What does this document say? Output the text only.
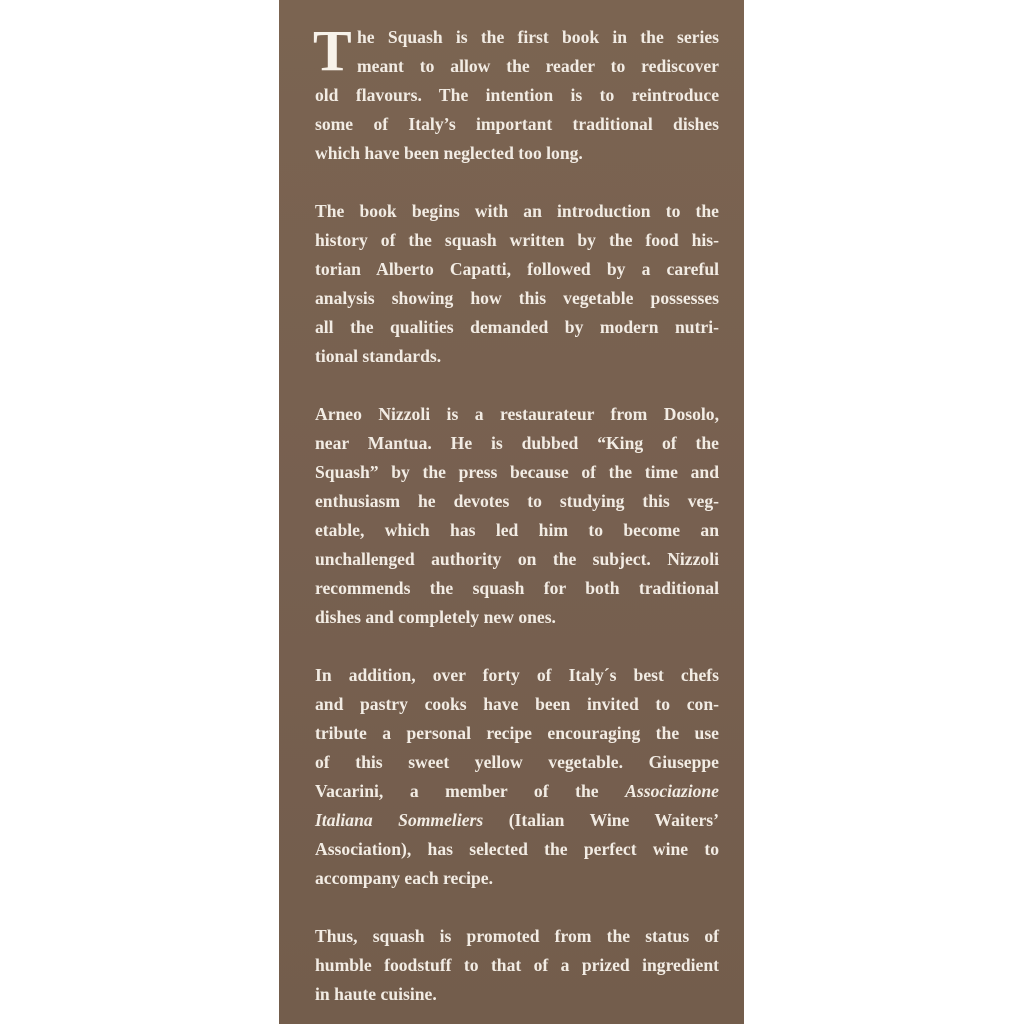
T he Squash is the first book in the series
meant to allow the reader to rediscover
old flavours. The intention is to reintroduce
some of Italy’s important traditional dishes
which have been neglected too long.
The book begins with an introduction to the
history of the squash written by the food his-
torian Alberto Capatti, followed by a careful
analysis showing how this vegetable possesses
all the qualities demanded by modern nutri-
tional standards.
Arneo Nizzoli is a restaurateur from Dosolo,
near Mantua. He is dubbed “King of the
Squash” by the press because of the time and
enthusiasm he devotes to studying this veg-
etable, which has led him to become an
unchallenged authority on the subject. Nizzoli
recommends the squash for both traditional
dishes and completely new ones.
In addition, over forty of Italy´s best chefs
and pastry cooks have been invited to con-
tribute a personal recipe encouraging the use
of this sweet yellow vegetable. Giuseppe
Vacarini, a member of the Associazione
Italiana Sommeliers (Italian Wine Waiters’
Association), has selected the perfect wine to
accompany each recipe.
Thus, squash is promoted from the status of
humble foodstuff to that of a prized ingredient
in haute cuisine.
